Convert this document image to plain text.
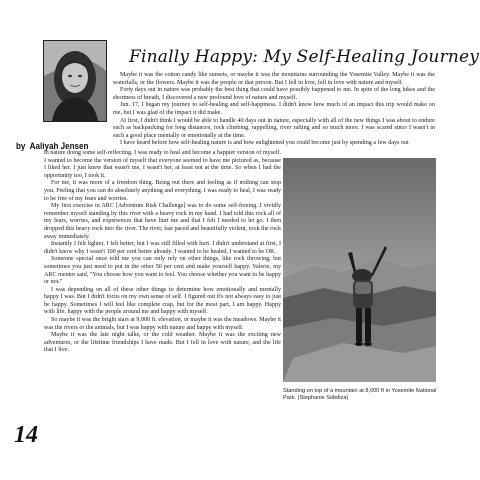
Finally Happy: My Self-Healing Journey
by Aaliyah Jensen

Maybe it was the cotton candy like sunsets, or maybe it was the mountains surrounding the Yosemite Valley. Maybe it was the waterfalls, or the flowers. Maybe it was the people or that person. But I fell in love, fell in love with nature and myself.

Forty days out in nature was probably the best thing that could have possibly happened to me. In spite of the long hikes and the shortness of breath, I discovered a new profound love of nature and myself.

Jun. 17, I began my journey to self-healing and self-happiness. I didn't know how much of an impact this trip would make on me, but I was glad of the impact it did make.

At first, I didn't think I would be able to handle 40 days out in nature, especially with all of the new things I was about to endure such as backpacking for long distances, rock climbing, rappelling, river rafting and so much more. I was scared since I wasn't in such a good place mentally or emotionally at the time.

I have heard before how self-healing nature is and how enlightened you could become just by spending a few days out

in nature doing some self-reflecting. I was ready to heal and become a happier version of myself. I wanted to become the version of myself that everyone seemed to have me pictured as, because I liked her. I just knew that wasn't me, I wasn't her, at least not at the time. So when I had the opportunity too, I took it.

For me, it was more of a freedom thing. Being out there and feeling as if nothing can stop you. Feeling that you can do absolutely anything and everything. I was ready to heal, I was ready to be free of my fears and worries.

My first exercise in ARC [Adventure Risk Challenge] was to do some self-freeing. I vividly remember myself standing by this river with a heavy rock in my hand. I had told this rock all of my fears, worries, and experiences that have hurt me and that I felt I needed to let go. I then dropped this heavy rock into the river. The river, fast paced and beautifully violent, took the rock away immediately.

Instantly I felt lighter, I felt better, but I was still filled with hurt. I didn't understand at first, I didn't know why I wasn't 100 per cent better already. I wanted to be healed, I wanted to be OK.

Someone special once told me you can only rely on other things, like rock throwing, but sometimes you just need to put in the other 50 per cent and make yourself happy. Valerie, my ARC mentor said, "You choose how you want to feel. You choose whether you want to be happy or not."

I was depending on all of these other things to determine how emotionally and mentally happy I was. But I didn't focus on my own sense of self. I figured out it's not always easy to just be happy. Sometimes I will feel like complete crap, but for the most part, I am happy. Happy with life, happy with the people around me and happy with myself.

So maybe it was the bright stars at 9,000 ft. elevation, or maybe it was the meadows. Maybe it was the rivers or the animals, but I was happy with nature and happy with myself.

Maybe it was the late night talks, or the cold weather. Maybe it was the exciting new adventures, or the lifetime friendships I have made. But I fell in love with nature, and the life that I live.

Standing on top of a mountain at 8,000 ft in Yosemite National Park. (Stephanie Sobdiza)
14
